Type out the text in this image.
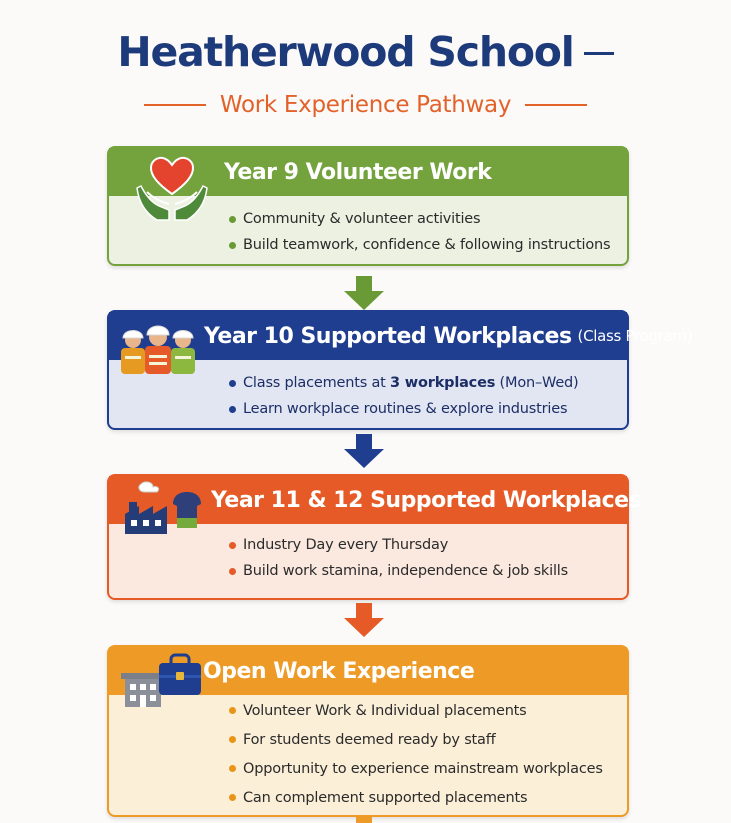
Heatherwood School
Work Experience Pathway
Year 9 Volunteer Work
Community & volunteer activities
Build teamwork, confidence & following instructions
Year 10 Supported Workplaces (Class Program)
Class placements at 3 workplaces (Mon–Wed)
Learn workplace routines & explore industries
Year 11 & 12 Supported Workplaces
Industry Day every Thursday
Build work stamina, independence & job skills
Open Work Experience
Volunteer Work & Individual placements
For students deemed ready by staff
Opportunity to experience mainstream workplaces
Can complement supported placements
